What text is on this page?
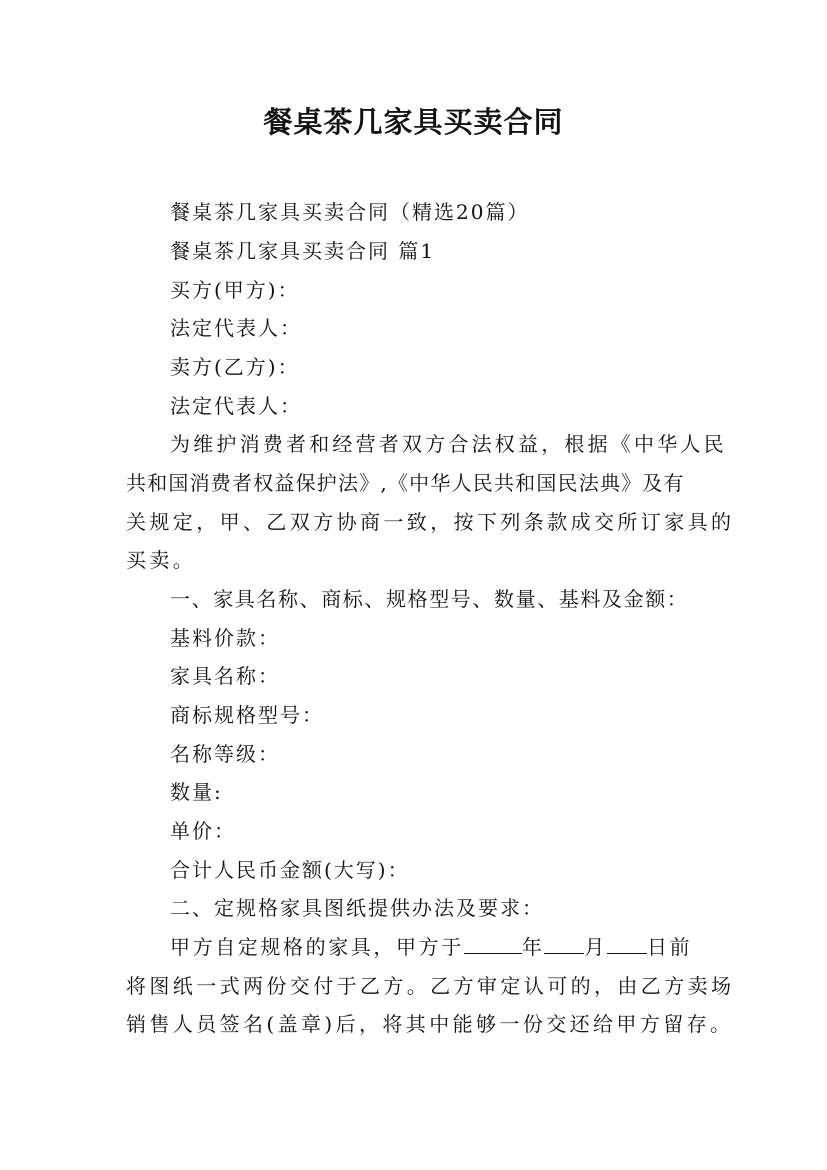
餐桌茶几家具买卖合同
餐桌茶几家具买卖合同（精选20篇）
餐桌茶几家具买卖合同 篇1
买方(甲方)：
法定代表人：
卖方(乙方)：
法定代表人：
为维护消费者和经营者双方合法权益，根据《中华人民
共和国消费者权益保护法》,《中华人民共和国民法典》及有
关规定，甲、乙双方协商一致，按下列条款成交所订家具的
买卖。
一、家具名称、商标、规格型号、数量、基料及金额：
基料价款：
家具名称：
商标规格型号：
名称等级：
数量:
单价：
合计人民币金额(大写)：
二、定规格家具图纸提供办法及要求：
甲方自定规格的家具，甲方于	年 月 日前
将图纸一式两份交付于乙方。乙方审定认可的，由乙方卖场
销售人员签名(盖章)后，将其中能够一份交还给甲方留存。
